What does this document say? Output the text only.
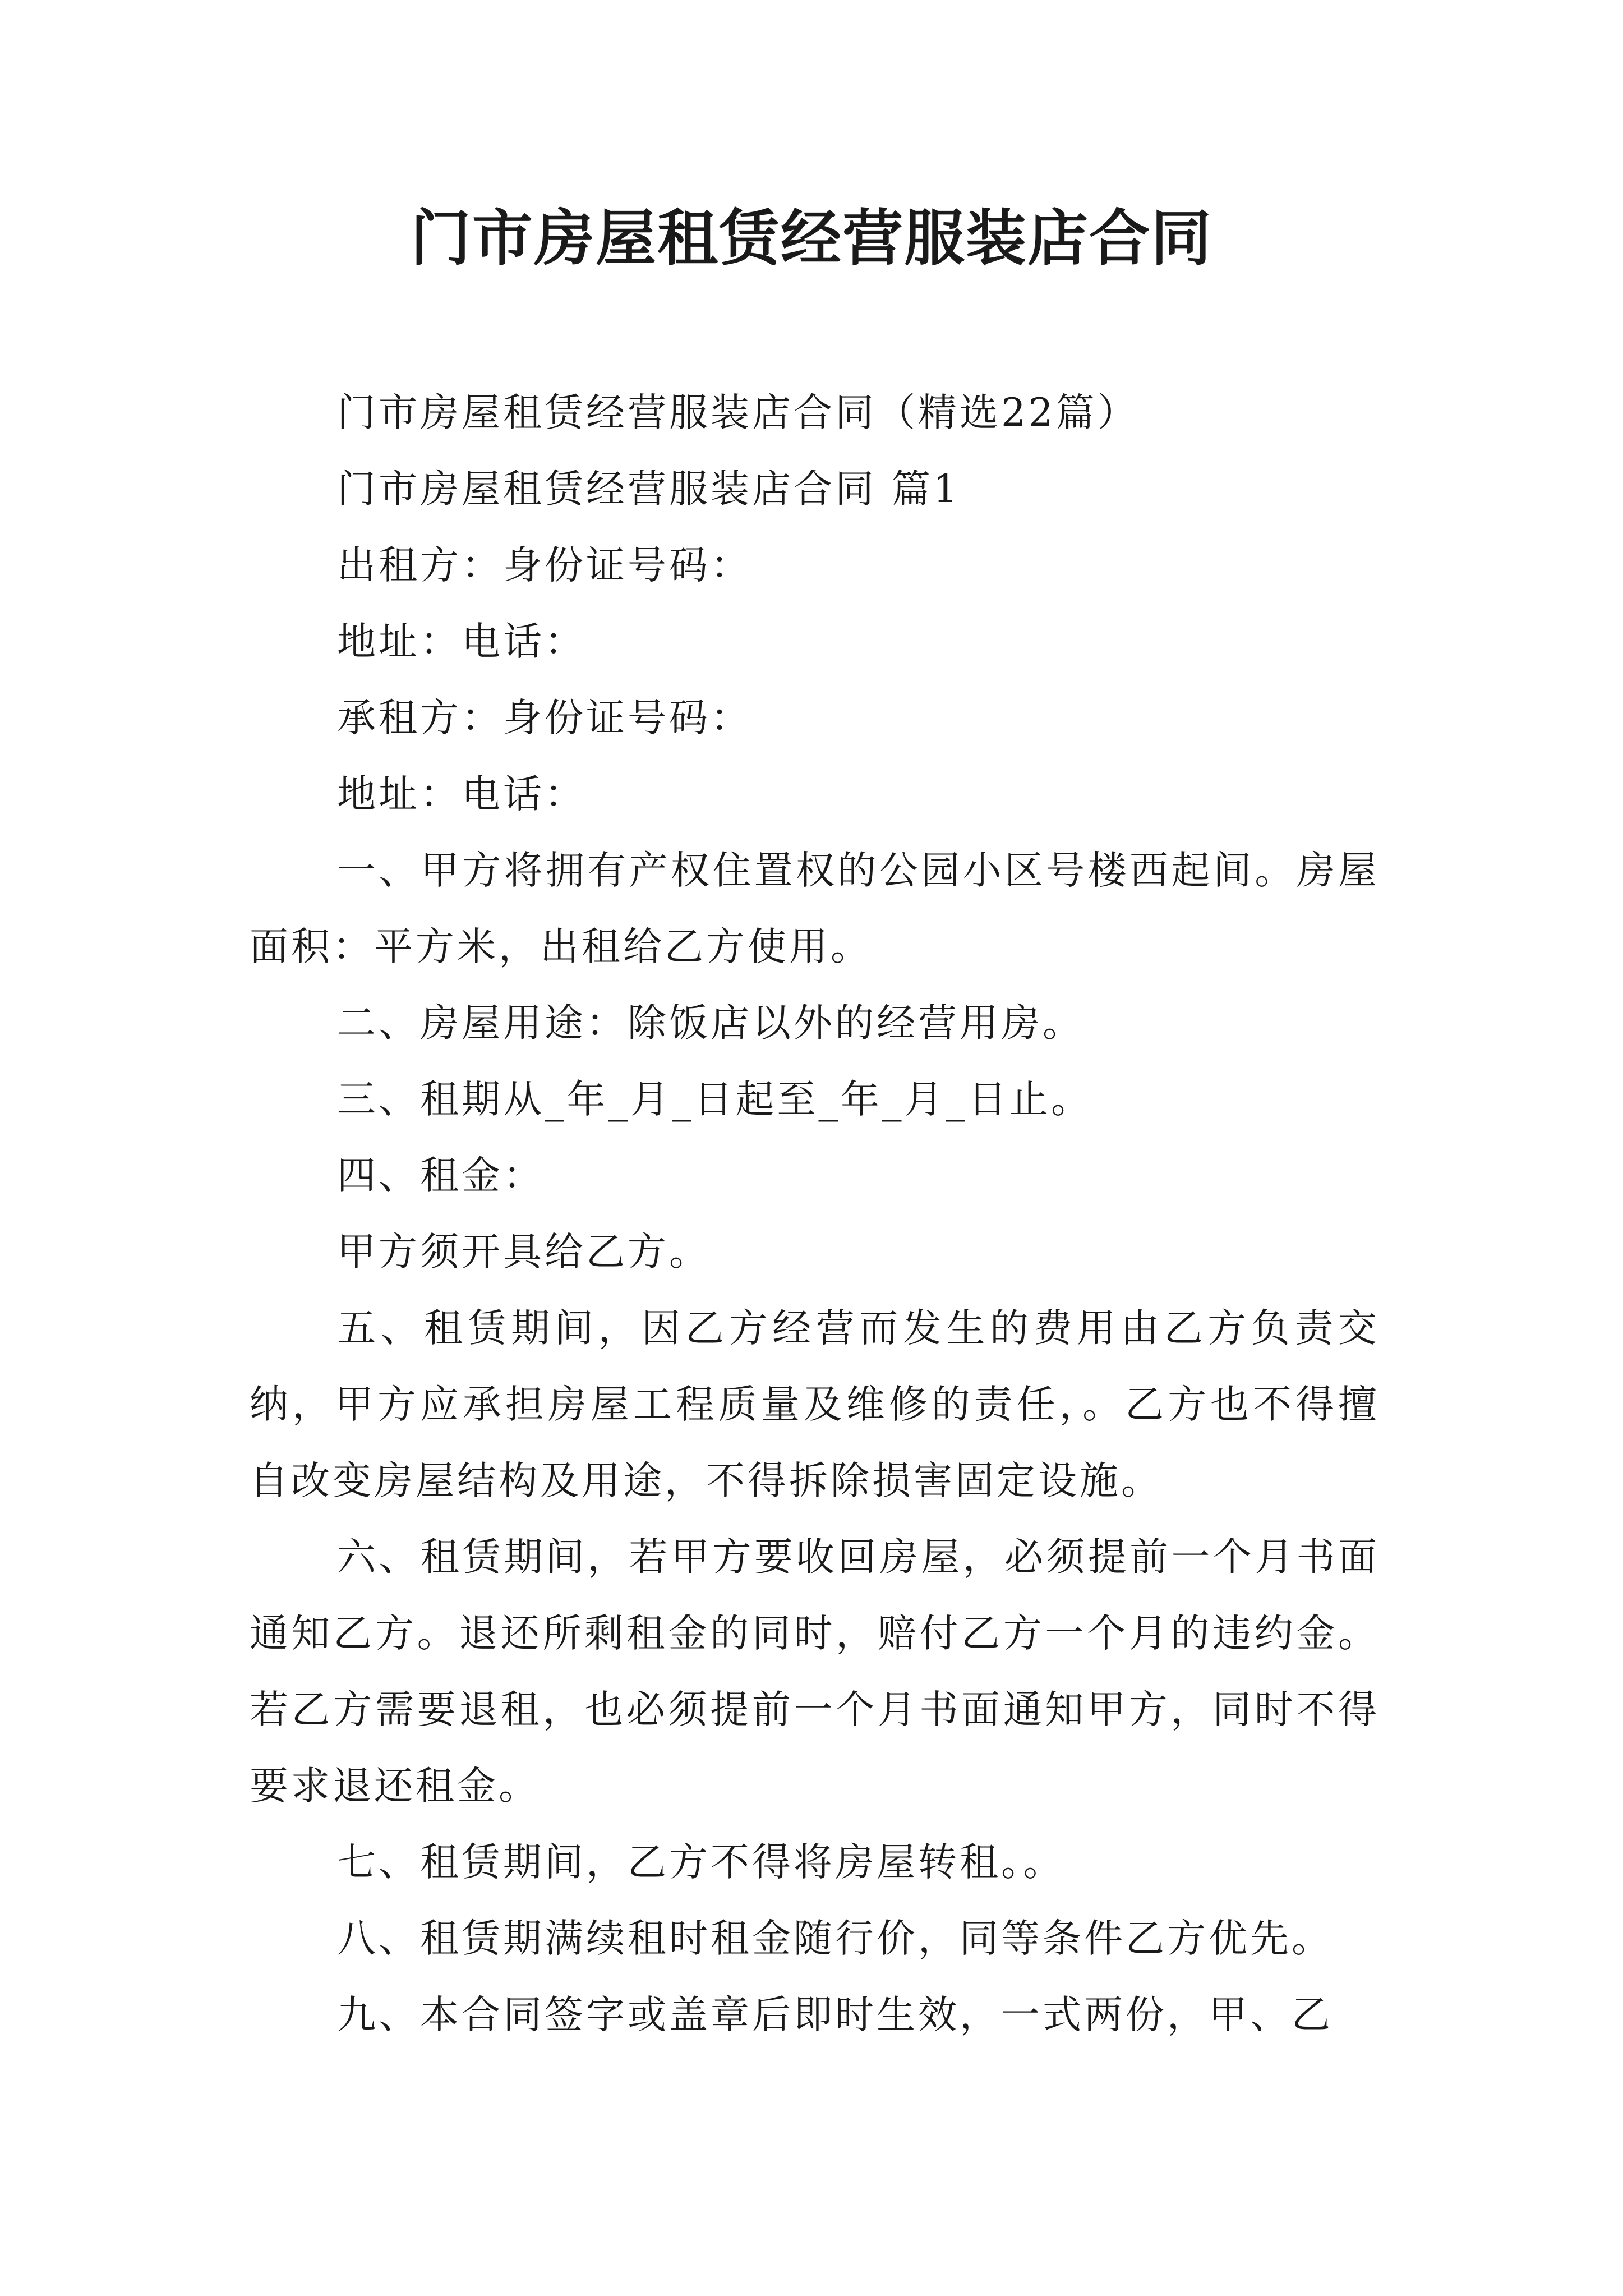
门市房屋租赁经营服装店合同

门市房屋租赁经营服装店合同（精选22篇）

门市房屋租赁经营服装店合同 篇1

出租方：身份证号码：

地址：电话：

承租方：身份证号码：

地址：电话：

一、甲方将拥有产权住置权的公园小区号楼西起间。房屋面积：平方米，出租给乙方使用。

二、房屋用途：除饭店以外的经营用房。

三、租期从_年_月_日起至_年_月_日止。

四、租金：

甲方须开具给乙方。

五、租赁期间，因乙方经营而发生的费用由乙方负责交纳，甲方应承担房屋工程质量及维修的责任，。乙方也不得擅自改变房屋结构及用途，不得拆除损害固定设施。

六、租赁期间，若甲方要收回房屋，必须提前一个月书面通知乙方。退还所剩租金的同时，赔付乙方一个月的违约金。若乙方需要退租，也必须提前一个月书面通知甲方，同时不得要求退还租金。

七、租赁期间，乙方不得将房屋转租。。

八、租赁期满续租时租金随行价，同等条件乙方优先。

九、本合同签字或盖章后即时生效，一式两份，甲、乙
